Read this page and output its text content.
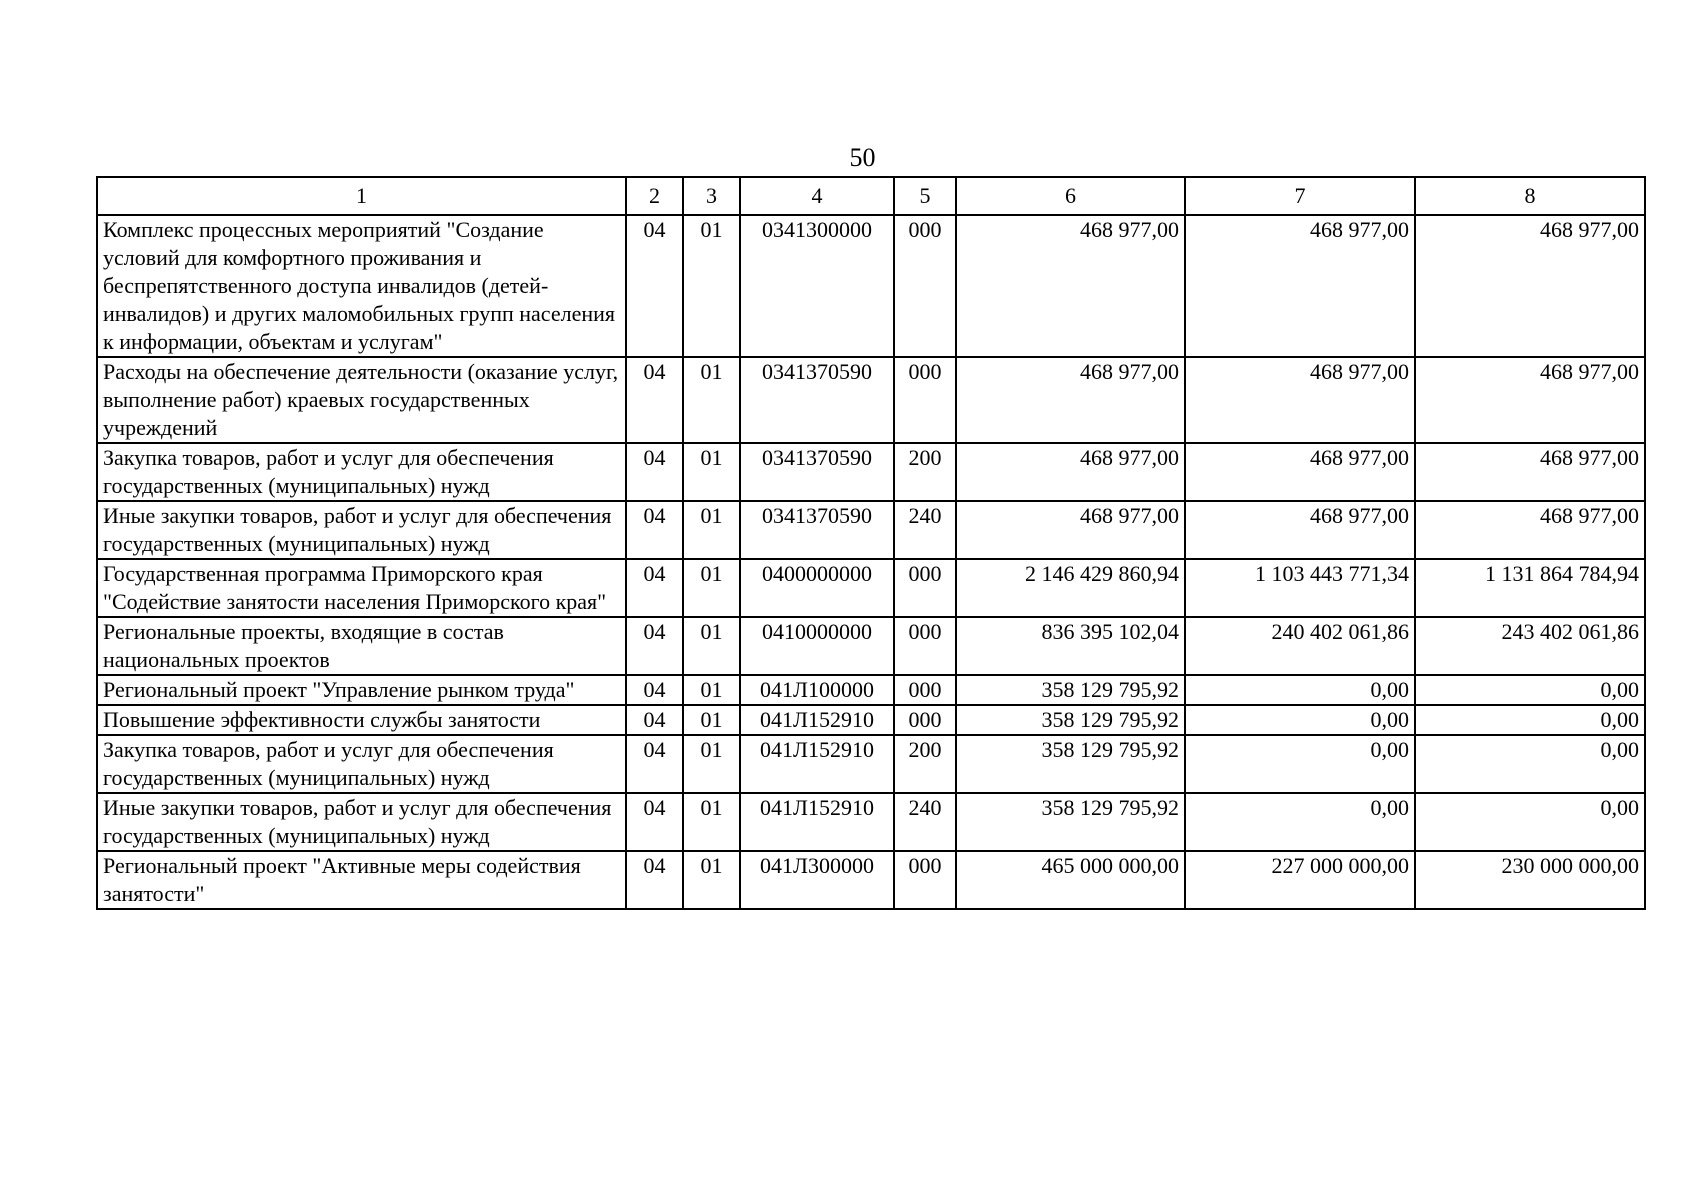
50
1	2	3	4	5	6	7	8
Комплекс процессных мероприятий "Создание условий для комфортного проживания и беспрепятственного доступа инвалидов (детей-инвалидов) и других маломобильных групп населения к информации, объектам и услугам"	04	01	0341300000	000	468 977,00	468 977,00	468 977,00
Расходы на обеспечение деятельности (оказание услуг, выполнение работ) краевых государственных учреждений	04	01	0341370590	000	468 977,00	468 977,00	468 977,00
Закупка товаров, работ и услуг для обеспечения государственных (муниципальных) нужд	04	01	0341370590	200	468 977,00	468 977,00	468 977,00
Иные закупки товаров, работ и услуг для обеспечения государственных (муниципальных) нужд	04	01	0341370590	240	468 977,00	468 977,00	468 977,00
Государственная программа Приморского края "Содействие занятости населения Приморского края"	04	01	0400000000	000	2 146 429 860,94	1 103 443 771,34	1 131 864 784,94
Региональные проекты, входящие в состав национальных проектов	04	01	0410000000	000	836 395 102,04	240 402 061,86	243 402 061,86
Региональный проект "Управление рынком труда"	04	01	041Л100000	000	358 129 795,92	0,00	0,00
Повышение эффективности службы занятости	04	01	041Л152910	000	358 129 795,92	0,00	0,00
Закупка товаров, работ и услуг для обеспечения государственных (муниципальных) нужд	04	01	041Л152910	200	358 129 795,92	0,00	0,00
Иные закупки товаров, работ и услуг для обеспечения государственных (муниципальных) нужд	04	01	041Л152910	240	358 129 795,92	0,00	0,00
Региональный проект "Активные меры содействия занятости"	04	01	041Л300000	000	465 000 000,00	227 000 000,00	230 000 000,00
